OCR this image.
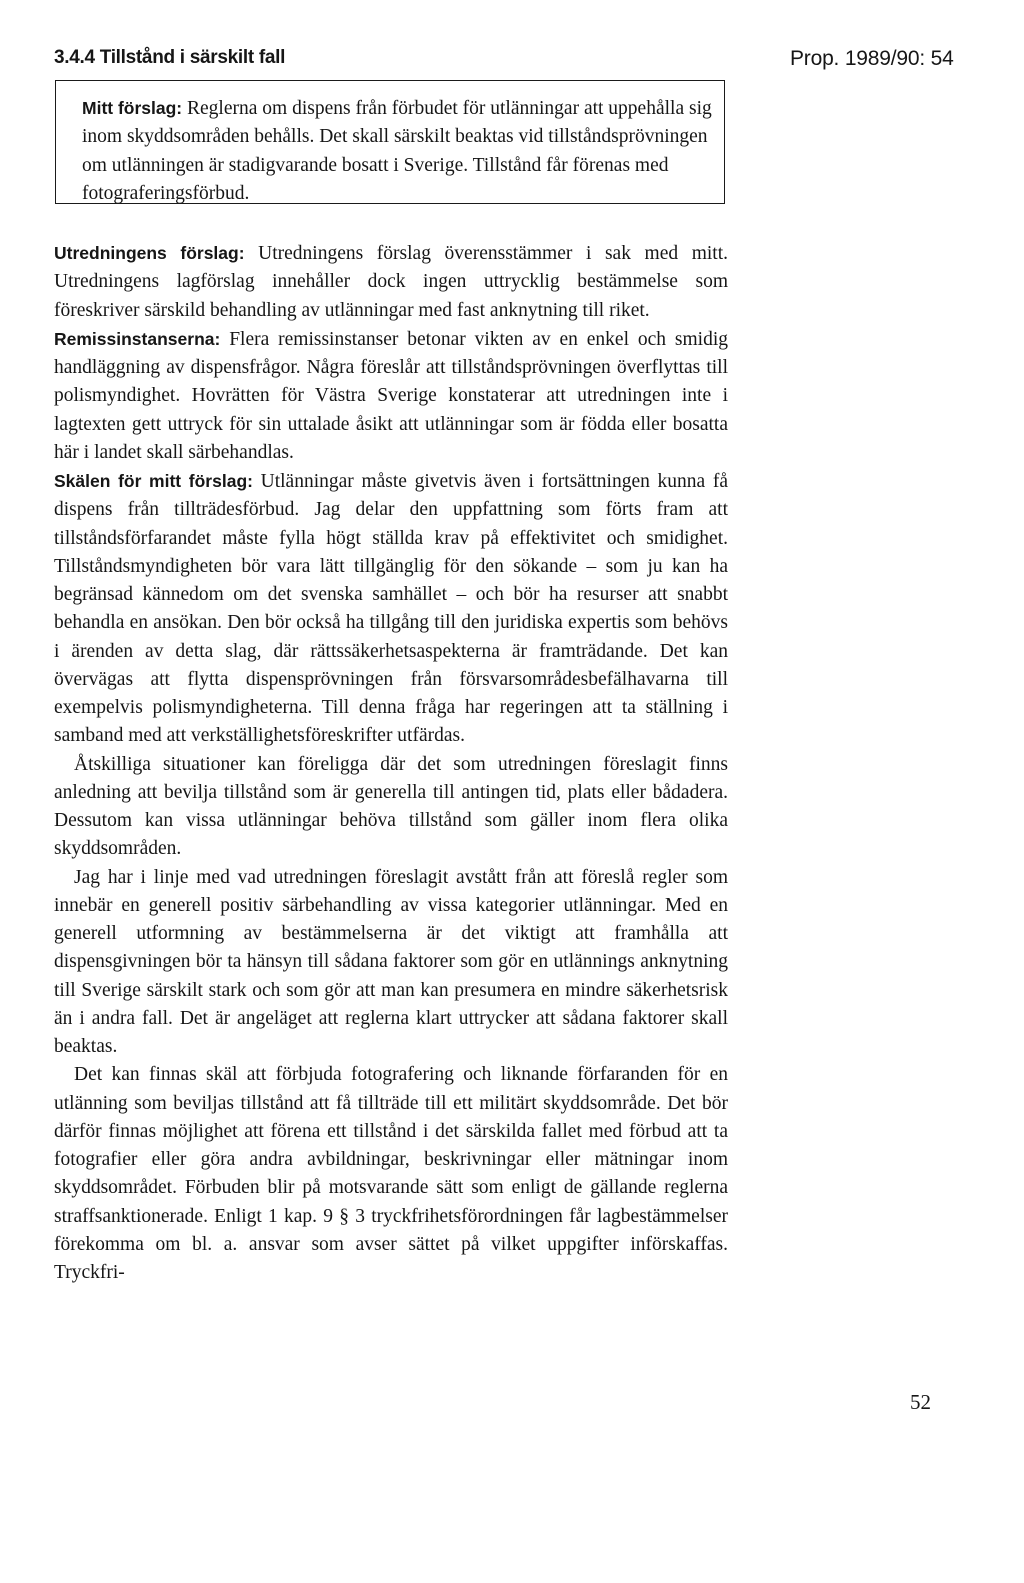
3.4.4 Tillstånd i särskilt fall	Prop. 1989/90: 54
Mitt förslag: Reglerna om dispens från förbudet för utlänningar att uppehålla sig inom skyddsområden behålls. Det skall särskilt beaktas vid tillståndsprövningen om utlänningen är stadigvarande bosatt i Sverige. Tillstånd får förenas med fotograferingsförbud.

Utredningens förslag: Utredningens förslag överensstämmer i sak med mitt. Utredningens lagförslag innehåller dock ingen uttrycklig bestämmelse som föreskriver särskild behandling av utlänningar med fast anknytning till riket.

Remissinstanserna: Flera remissinstanser betonar vikten av en enkel och smidig handläggning av dispensfrågor. Några föreslår att tillståndsprövningen överflyttas till polismyndighet. Hovrätten för Västra Sverige konstaterar att utredningen inte i lagtexten gett uttryck för sin uttalade åsikt att utlänningar som är födda eller bosatta här i landet skall särbehandlas.

Skälen för mitt förslag: Utlänningar måste givetvis även i fortsättningen kunna få dispens från tillträdesförbud. Jag delar den uppfattning som förts fram att tillståndsförfarandet måste fylla högt ställda krav på effektivitet och smidighet. Tillståndsmyndigheten bör vara lätt tillgänglig för den sökande – som ju kan ha begränsad kännedom om det svenska samhället – och bör ha resurser att snabbt behandla en ansökan. Den bör också ha tillgång till den juridiska expertis som behövs i ärenden av detta slag, där rättssäkerhetsaspekterna är framträdande. Det kan övervägas att flytta dispensprövningen från försvarsområdesbefälhavarna till exempelvis polismyndigheterna. Till denna fråga har regeringen att ta ställning i samband med att verkställighetsföreskrifter utfärdas.

Åtskilliga situationer kan föreligga där det som utredningen föreslagit finns anledning att bevilja tillstånd som är generella till antingen tid, plats eller bådadera. Dessutom kan vissa utlänningar behöva tillstånd som gäller inom flera olika skyddsområden.

Jag har i linje med vad utredningen föreslagit avstått från att föreslå regler som innebär en generell positiv särbehandling av vissa kategorier utlänningar. Med en generell utformning av bestämmelserna är det viktigt att framhålla att dispensgivningen bör ta hänsyn till sådana faktorer som gör en utlännings anknytning till Sverige särskilt stark och som gör att man kan presumera en mindre säkerhetsrisk än i andra fall. Det är angeläget att reglerna klart uttrycker att sådana faktorer skall beaktas.

Det kan finnas skäl att förbjuda fotografering och liknande förfaranden för en utlänning som beviljas tillstånd att få tillträde till ett militärt skyddsområde. Det bör därför finnas möjlighet att förena ett tillstånd i det särskilda fallet med förbud att ta fotografier eller göra andra avbildningar, beskrivningar eller mätningar inom skyddsområdet. Förbuden blir på motsvarande sätt som enligt de gällande reglerna straffsanktionerade. Enligt 1 kap. 9 § 3 tryckfrihetsförordningen får lagbestämmelser förekomma om bl. a. ansvar som avser sättet på vilket uppgifter införskaffas. Tryckfri-

52
